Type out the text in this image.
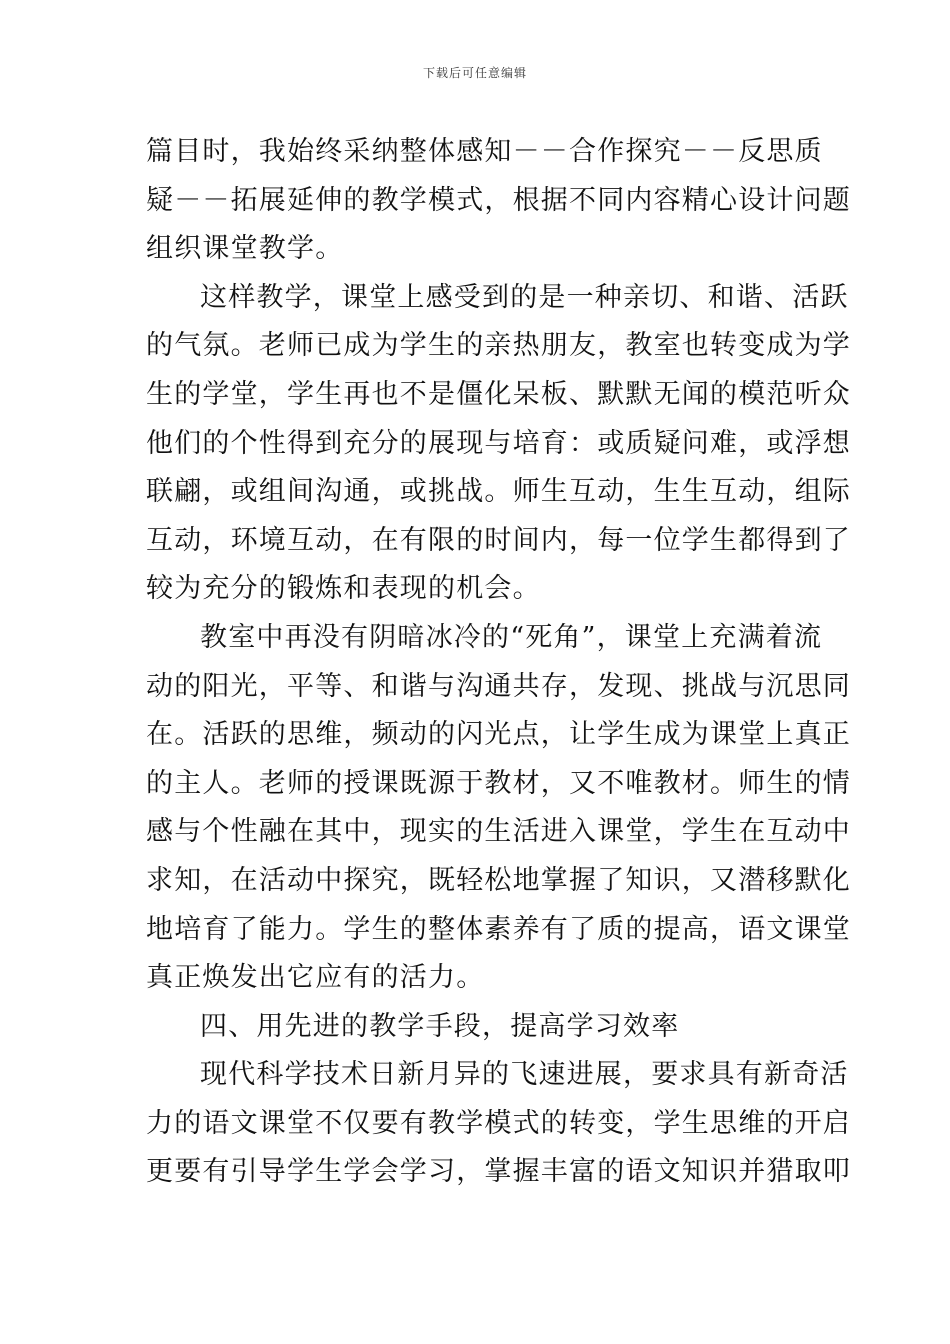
下载后可任意编辑
篇目时，我始终采纳整体感知－－合作探究－－反思质
疑－－拓展延伸的教学模式，根据不同内容精心设计问题
组织课堂教学。
这样教学，课堂上感受到的是一种亲切、和谐、活跃
的气氛。老师已成为学生的亲热朋友，教室也转变成为学
生的学堂，学生再也不是僵化呆板、默默无闻的模范听众
他们的个性得到充分的展现与培育：或质疑问难，或浮想
联翩，或组间沟通，或挑战。师生互动，生生互动，组际
互动，环境互动，在有限的时间内，每一位学生都得到了
较为充分的锻炼和表现的机会。
教室中再没有阴暗冰冷的“死角”，课堂上充满着流
动的阳光，平等、和谐与沟通共存，发现、挑战与沉思同
在。活跃的思维，频动的闪光点，让学生成为课堂上真正
的主人。老师的授课既源于教材，又不唯教材。师生的情
感与个性融在其中，现实的生活进入课堂，学生在互动中
求知，在活动中探究，既轻松地掌握了知识，又潜移默化
地培育了能力。学生的整体素养有了质的提高，语文课堂
真正焕发出它应有的活力。
四、用先进的教学手段，提高学习效率
现代科学技术日新月异的飞速进展，要求具有新奇活
力的语文课堂不仅要有教学模式的转变，学生思维的开启
更要有引导学生学会学习，掌握丰富的语文知识并猎取叩
